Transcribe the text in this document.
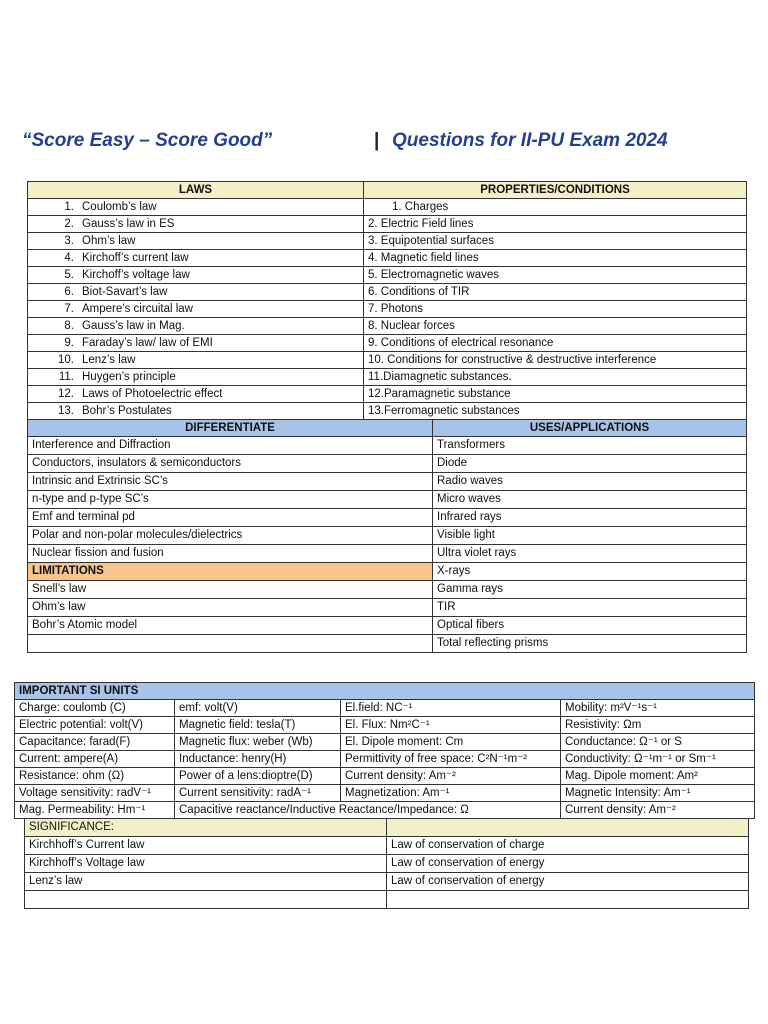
“Score Easy – Score Good”	| Questions for II-PU Exam 2024
LAWS	PROPERTIES/CONDITIONS
1. Coulomb’s law	1. Charges
2. Gauss’s law in ES	2. Electric Field lines
3. Ohm’s law	3. Equipotential surfaces
4. Kirchoff’s current law	4. Magnetic field lines
5. Kirchoff’s voltage law	5. Electromagnetic waves
6. Biot-Savart’s law	6. Conditions of TIR
7. Ampere’s circuital law	7. Photons
8. Gauss’s law in Mag.	8. Nuclear forces
9. Faraday’s law/ law of EMI	9. Conditions of electrical resonance
10. Lenz’s law	10. Conditions for constructive & destructive interference
11. Huygen’s principle	11.Diamagnetic substances.
12. Laws of Photoelectric effect	12.Paramagnetic substance
13. Bohr’s Postulates	13.Ferromagnetic substances
DIFFERENTIATE	USES/APPLICATIONS
Interference and Diffraction	Transformers
Conductors, insulators & semiconductors	Diode
Intrinsic and Extrinsic SC’s	Radio waves
n-type and p-type SC’s	Micro waves
Emf and terminal pd	Infrared rays
Polar and non-polar molecules/dielectrics	Visible light
Nuclear fission and fusion	Ultra violet rays
LIMITATIONS	X-rays
Snell’s law	Gamma rays
Ohm’s law	TIR
Bohr’s Atomic model	Optical fibers
	Total reflecting prisms
IMPORTANT SI UNITS			
Charge: coulomb (C)	emf: volt(V)	El.field: NC⁻¹	Mobility: m²V⁻¹s⁻¹
Electric potential: volt(V)	Magnetic field: tesla(T)	El. Flux: Nm²C⁻¹	Resistivity: Ωm
Capacitance: farad(F)	Magnetic flux: weber (Wb)	El. Dipole moment: Cm	Conductance: Ω⁻¹ or S
Current: ampere(A)	Inductance: henry(H)	Permittivity of free space: C²N⁻¹m⁻²	Conductivity: Ω⁻¹m⁻¹ or Sm⁻¹
Resistance: ohm (Ω)	Power of a lens:dioptre(D)	Current density: Am⁻²	Mag. Dipole moment: Am²
Voltage sensitivity: radV⁻¹	Current sensitivity: radA⁻¹	Magnetization: Am⁻¹	Magnetic Intensity: Am⁻¹
Mag. Permeability: Hm⁻¹	Capacitive reactance/Inductive Reactance/Impedance: Ω		Current density: Am⁻²
SIGNIFICANCE:	
Kirchhoff’s Current law	Law of conservation of charge
Kirchhoff’s Voltage law	Law of conservation of energy
Lenz’s law	Law of conservation of energy
